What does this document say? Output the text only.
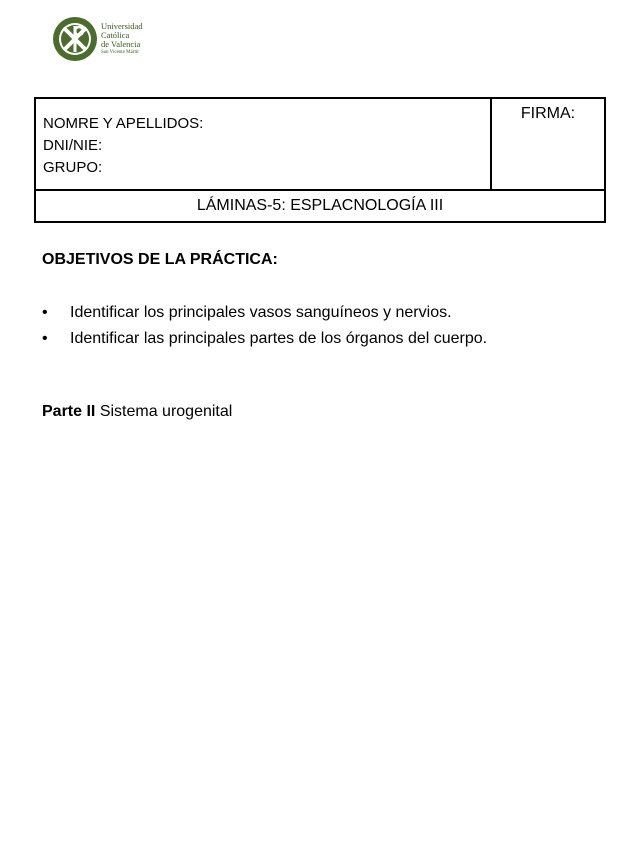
Universidad
Católica
de Valencia
San Vicente Mártir
NOMRE Y APELLIDOS:
DNI/NIE:
GRUPO:
FIRMA:
LÁMINAS-5: ESPLACNOLOGÍA III
OBJETIVOS DE LA PRÁCTICA:
• Identificar los principales vasos sanguíneos y nervios.
• Identificar las principales partes de los órganos del cuerpo.
Parte II Sistema urogenital
